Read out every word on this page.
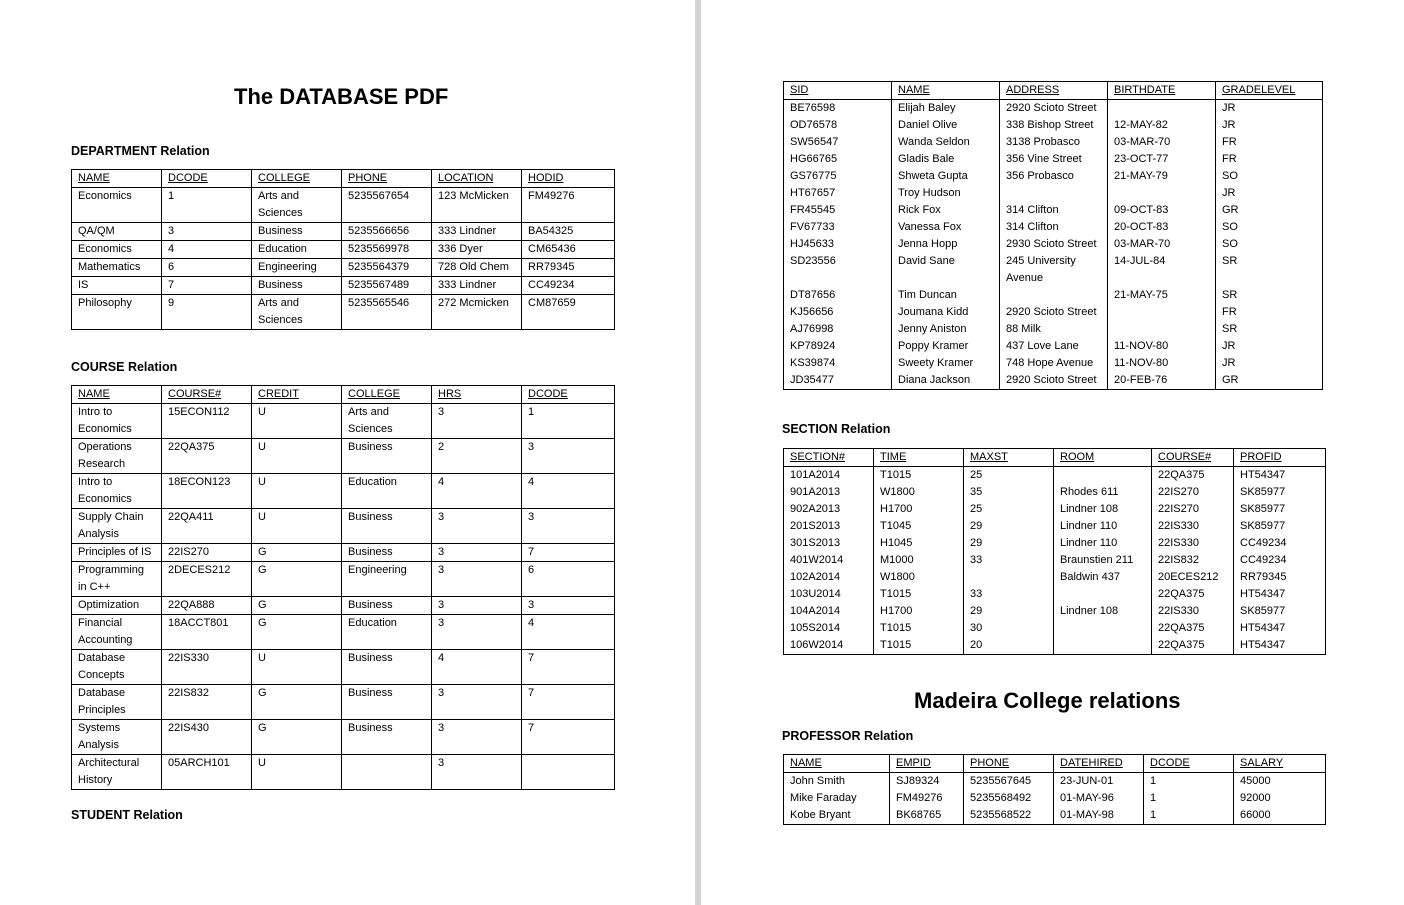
The DATABASE PDF
DEPARTMENT Relation
NAME	DCODE	COLLEGE	PHONE	LOCATION	HODID
Economics	1	Arts and Sciences	5235567654	123 McMicken	FM49276
QA/QM	3	Business	5235566656	333 Lindner	BA54325
Economics	4	Education	5235569978	336 Dyer	CM65436
Mathematics	6	Engineering	5235564379	728 Old Chem	RR79345
IS	7	Business	5235567489	333 Lindner	CC49234
Philosophy	9	Arts and Sciences	5235565546	272 Mcmicken	CM87659
COURSE Relation
NAME	COURSE#	CREDIT	COLLEGE	HRS	DCODE
Intro to Economics	15ECON112	U	Arts and Sciences	3	1
Operations Research	22QA375	U	Business	2	3
Intro to Economics	18ECON123	U	Education	4	4
Supply Chain Analysis	22QA411	U	Business	3	3
Principles of IS	22IS270	G	Business	3	7
Programming in C++	2DECES212	G	Engineering	3	6
Optimization	22QA888	G	Business	3	3
Financial Accounting	18ACCT801	G	Education	3	4
Database Concepts	22IS330	U	Business	4	7
Database Principles	22IS832	G	Business	3	7
Systems Analysis	22IS430	G	Business	3	7
Architectural History	05ARCH101	U		3	
STUDENT Relation
SID	NAME	ADDRESS	BIRTHDATE	GRADELEVEL
BE76598	Elijah Baley	2920 Scioto Street		JR
OD76578	Daniel Olive	338 Bishop Street	12-MAY-82	JR
SW56547	Wanda Seldon	3138 Probasco	03-MAR-70	FR
HG66765	Gladis Bale	356 Vine Street	23-OCT-77	FR
GS76775	Shweta Gupta	356 Probasco	21-MAY-79	SO
HT67657	Troy Hudson			JR
FR45545	Rick Fox	314 Clifton	09-OCT-83	GR
FV67733	Vanessa Fox	314 Clifton	20-OCT-83	SO
HJ45633	Jenna Hopp	2930 Scioto Street	03-MAR-70	SO
SD23556	David Sane	245 University Avenue	14-JUL-84	SR
DT87656	Tim Duncan		21-MAY-75	SR
KJ56656	Joumana Kidd	2920 Scioto Street		FR
AJ76998	Jenny Aniston	88 Milk		SR
KP78924	Poppy Kramer	437 Love Lane	11-NOV-80	JR
KS39874	Sweety Kramer	748 Hope Avenue	11-NOV-80	JR
JD35477	Diana Jackson	2920 Scioto Street	20-FEB-76	GR
SECTION Relation
SECTION#	TIME	MAXST	ROOM	COURSE#	PROFID
101A2014	T1015	25		22QA375	HT54347
901A2013	W1800	35	Rhodes 611	22IS270	SK85977
902A2013	H1700	25	Lindner 108	22IS270	SK85977
201S2013	T1045	29	Lindner 110	22IS330	SK85977
301S2013	H1045	29	Lindner 110	22IS330	CC49234
401W2014	M1000	33	Braunstien 211	22IS832	CC49234
102A2014	W1800		Baldwin 437	20ECES212	RR79345
103U2014	T1015	33		22QA375	HT54347
104A2014	H1700	29	Lindner 108	22IS330	SK85977
105S2014	T1015	30		22QA375	HT54347
106W2014	T1015	20		22QA375	HT54347
Madeira College relations
PROFESSOR Relation
NAME	EMPID	PHONE	DATEHIRED	DCODE	SALARY
John Smith	SJ89324	5235567645	23-JUN-01	1	45000
Mike Faraday	FM49276	5235568492	01-MAY-96	1	92000
Kobe Bryant	BK68765	5235568522	01-MAY-98	1	66000
